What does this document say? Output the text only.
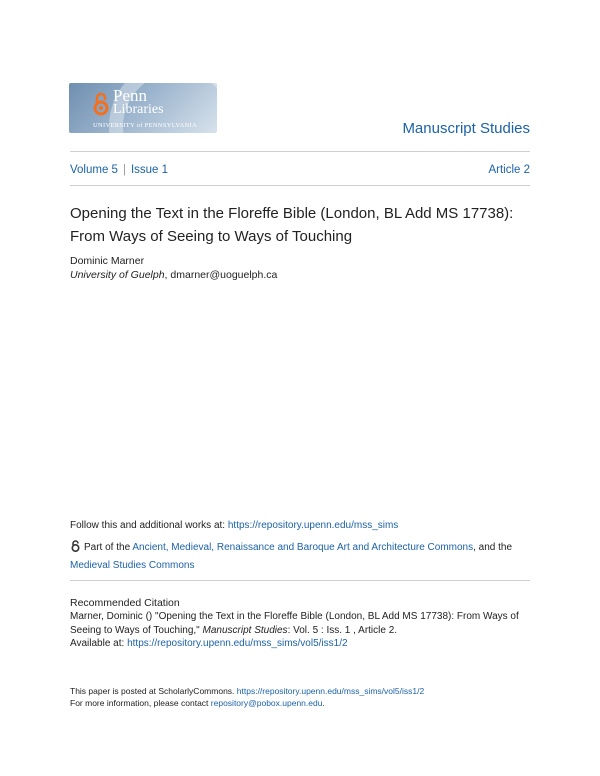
Penn
Libraries
UNIVERSITY of PENNSYLVANIA	Manuscript Studies
Volume 5 | Issue 1	Article 2
Opening the Text in the Floreffe Bible (London, BL Add MS 17738): From Ways of Seeing to Ways of Touching
Dominic Marner
University of Guelph, dmarner@uoguelph.ca
Follow this and additional works at: https://repository.upenn.edu/mss_sims
Part of the Ancient, Medieval, Renaissance and Baroque Art and Architecture Commons, and the Medieval Studies Commons
Recommended Citation
Marner, Dominic () "Opening the Text in the Floreffe Bible (London, BL Add MS 17738): From Ways of Seeing to Ways of Touching," Manuscript Studies: Vol. 5 : Iss. 1 , Article 2.
Available at: https://repository.upenn.edu/mss_sims/vol5/iss1/2
This paper is posted at ScholarlyCommons. https://repository.upenn.edu/mss_sims/vol5/iss1/2
For more information, please contact repository@pobox.upenn.edu.
